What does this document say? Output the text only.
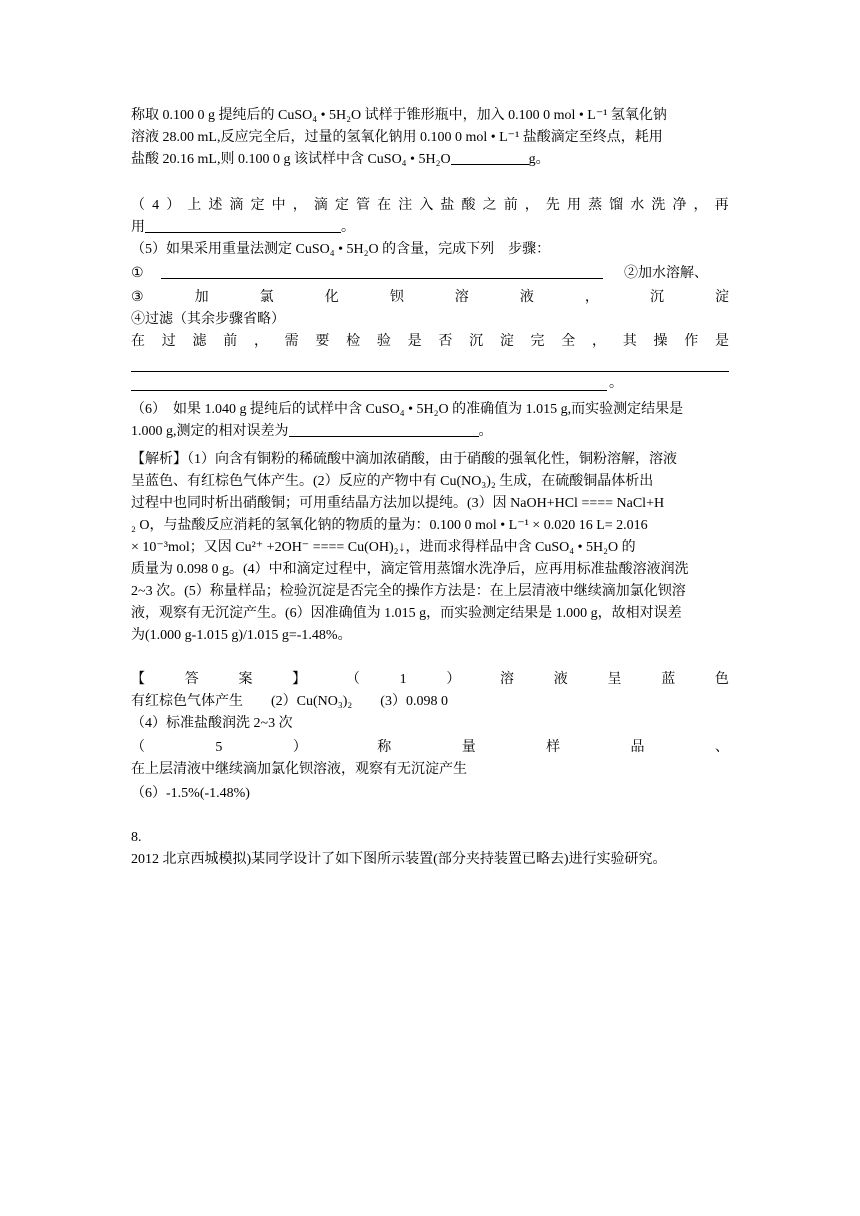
称取 0.100 0 g 提纯后的 CuSO₄ • 5H₂O 试样于锥形瓶中，加入 0.100 0 mol • L⁻¹ 氢氧化钠
溶液 28.00 mL,反应完全后，过量的氢氧化钠用 0.100 0 mol • L⁻¹ 盐酸滴定至终点，耗用
盐酸 20.16 mL,则 0.100 0 g 该试样中含 CuSO₄ • 5H₂O	g。
（ 4 ） 上 述 滴 定 中 ， 滴 定 管 在 注 入 盐 酸 之 前 ， 先 用 蒸 馏 水 洗 净 ， 再
用	。
（5）如果采用重量法测定 CuSO₄ • 5H₂O 的含量，完成下列　步骤：
①	②加水溶解、
③	加	氯	化	钡	溶	液	，	沉	淀
④过滤（其余步骤省略）
在 过 滤 前 ， 需 要 检 验 是 否 沉 淀 完 全 ， 其 操 作 是
。
（6）　如果 1.040 g 提纯后的试样中含 CuSO₄ • 5H₂O 的准确值为 1.015 g,而实验测定结果是
1.000 g,测定的相对误差为	。
【解析】（1）向含有铜粉的稀硫酸中滴加浓硝酸，由于硝酸的强氧化性，铜粉溶解，溶液
呈蓝色、有红棕色气体产生。(2）反应的产物中有 Cu(NO₃)₂ 生成，在硫酸铜晶体析出
过程中也同时析出硝酸铜；可用重结晶方法加以提纯。(3）因 NaOH+HCl ==== NaCl+H
₂ O，与盐酸反应消耗的氢氧化钠的物质的量为：0.100 0 mol • L⁻¹ × 0.020 16 L= 2.016
× 10⁻³mol；又因 Cu²⁺ +2OH⁻ ==== Cu(OH)₂↓，进而求得样品中含 CuSO₄ • 5H₂O 的
质量为 0.098 0 g。(4）中和滴定过程中，滴定管用蒸馏水洗净后，应再用标准盐酸溶液润洗
2~3 次。(5）称量样品；检验沉淀是否完全的操作方法是：在上层清液中继续滴加氯化钡溶
液，观察有无沉淀产生。(6）因准确值为 1.015 g，而实验测定结果是 1.000 g，故相对误差
为(1.000 g-1.015 g)/1.015 g=-1.48%。
【	答	案	】	（	1	）	溶	液	呈	蓝	色
有红棕色气体产生　　(2）Cu(NO₃)₂　　(3）0.098 0
（4）标准盐酸润洗 2~3 次
（	5	）	称	量	样	品	、
在上层清液中继续滴加氯化钡溶液，观察有无沉淀产生
（6）-1.5%(-1.48%)
8.
2012 北京西城模拟)某同学设计了如下图所示装置(部分夹持装置已略去)进行实验研究。
